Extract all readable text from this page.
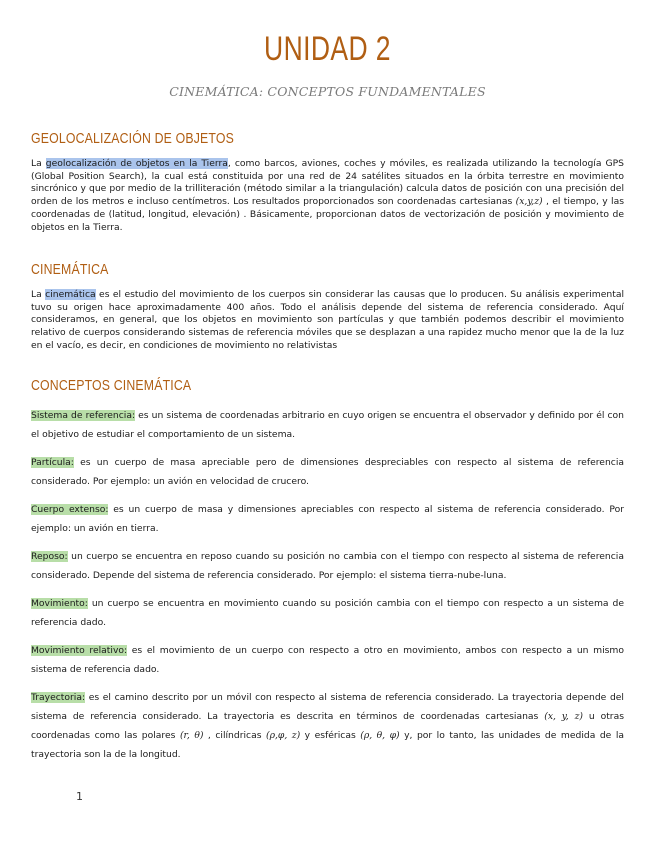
UNIDAD 2
CINEMÁTICA: CONCEPTOS FUNDAMENTALES
GEOLOCALIZACIÓN DE OBJETOS

La geolocalización de objetos en la Tierra, como barcos, aviones, coches y móviles, es realizada utilizando la tecnología GPS (Global Position Search), la cual está constituida por una red de 24 satélites situados en la órbita terrestre en movimiento sincrónico y que por medio de la trilliteración (método similar a la triangulación) calcula datos de posición con una precisión del orden de los metros e incluso centímetros. Los resultados proporcionados son coordenadas cartesianas (x,y,z) , el tiempo, y las coordenadas de (latitud, longitud, elevación) . Básicamente, proporcionan datos de vectorización de posición y movimiento de objetos en la Tierra.

CINEMÁTICA

La cinemática es el estudio del movimiento de los cuerpos sin considerar las causas que lo producen. Su análisis experimental tuvo su origen hace aproximadamente 400 años. Todo el análisis depende del sistema de referencia considerado. Aquí consideramos, en general, que los objetos en movimiento son partículas y que también podemos describir el movimiento relativo de cuerpos considerando sistemas de referencia móviles que se desplazan a una rapidez mucho menor que la de la luz en el vacío, es decir, en condiciones de movimiento no relativistas

CONCEPTOS CINEMÁTICA

Sistema de referencia: es un sistema de coordenadas arbitrario en cuyo origen se encuentra el observador y definido por él con el objetivo de estudiar el comportamiento de un sistema.

Partícula: es un cuerpo de masa apreciable pero de dimensiones despreciables con respecto al sistema de referencia considerado. Por ejemplo: un avión en velocidad de crucero.

Cuerpo extenso: es un cuerpo de masa y dimensiones apreciables con respecto al sistema de referencia considerado. Por ejemplo: un avión en tierra.

Reposo: un cuerpo se encuentra en reposo cuando su posición no cambia con el tiempo con respecto al sistema de referencia considerado. Depende del sistema de referencia considerado. Por ejemplo: el sistema tierra-nube-luna.

Movimiento: un cuerpo se encuentra en movimiento cuando su posición cambia con el tiempo con respecto a un sistema de referencia dado.

Movimiento relativo: es el movimiento de un cuerpo con respecto a otro en movimiento, ambos con respecto a un mismo sistema de referencia dado.

Trayectoria: es el camino descrito por un móvil con respecto al sistema de referencia considerado. La trayectoria depende del sistema de referencia considerado. La trayectoria es descrita en términos de coordenadas cartesianas (x, y, z) u otras coordenadas como las polares (r, θ) , cilíndricas (ρ,φ, z) y esféricas (ρ, θ, φ) y, por lo tanto, las unidades de medida de la trayectoria son la de la longitud.

1
